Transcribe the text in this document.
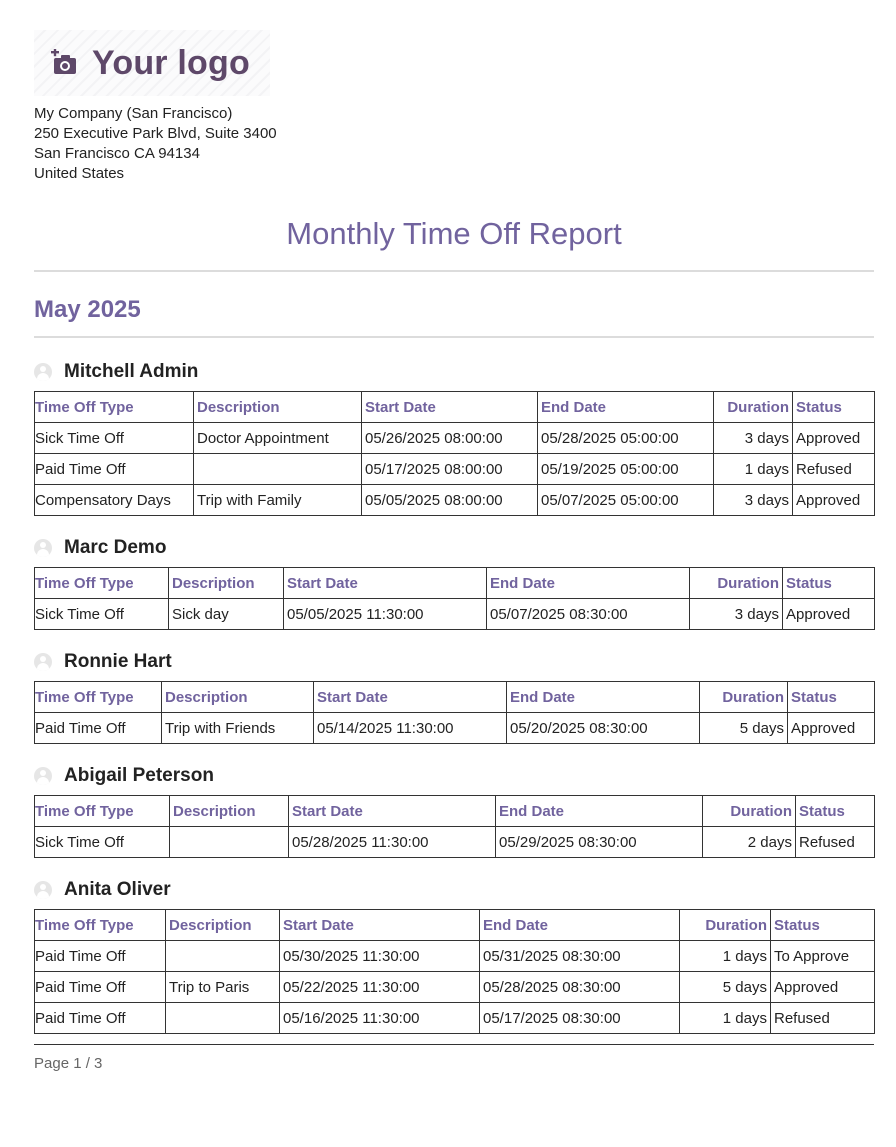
Your logo
My Company (San Francisco)
250 Executive Park Blvd, Suite 3400
San Francisco CA 94134
United States
Monthly Time Off Report
May 2025
Mitchell Admin
Time Off Type	Description	Start Date	End Date	Duration	Status
Sick Time Off	Doctor Appointment	05/26/2025 08:00:00	05/28/2025 05:00:00	3 days	Approved
Paid Time Off		05/17/2025 08:00:00	05/19/2025 05:00:00	1 days	Refused
Compensatory Days	Trip with Family	05/05/2025 08:00:00	05/07/2025 05:00:00	3 days	Approved
Marc Demo
Time Off Type	Description	Start Date	End Date	Duration	Status
Sick Time Off	Sick day	05/05/2025 11:30:00	05/07/2025 08:30:00	3 days	Approved
Ronnie Hart
Time Off Type	Description	Start Date	End Date	Duration	Status
Paid Time Off	Trip with Friends	05/14/2025 11:30:00	05/20/2025 08:30:00	5 days	Approved
Abigail Peterson
Time Off Type	Description	Start Date	End Date	Duration	Status
Sick Time Off		05/28/2025 11:30:00	05/29/2025 08:30:00	2 days	Refused
Anita Oliver
Time Off Type	Description	Start Date	End Date	Duration	Status
Paid Time Off		05/30/2025 11:30:00	05/31/2025 08:30:00	1 days	To Approve
Paid Time Off	Trip to Paris	05/22/2025 11:30:00	05/28/2025 08:30:00	5 days	Approved
Paid Time Off		05/16/2025 11:30:00	05/17/2025 08:30:00	1 days	Refused
Page 1 / 3
